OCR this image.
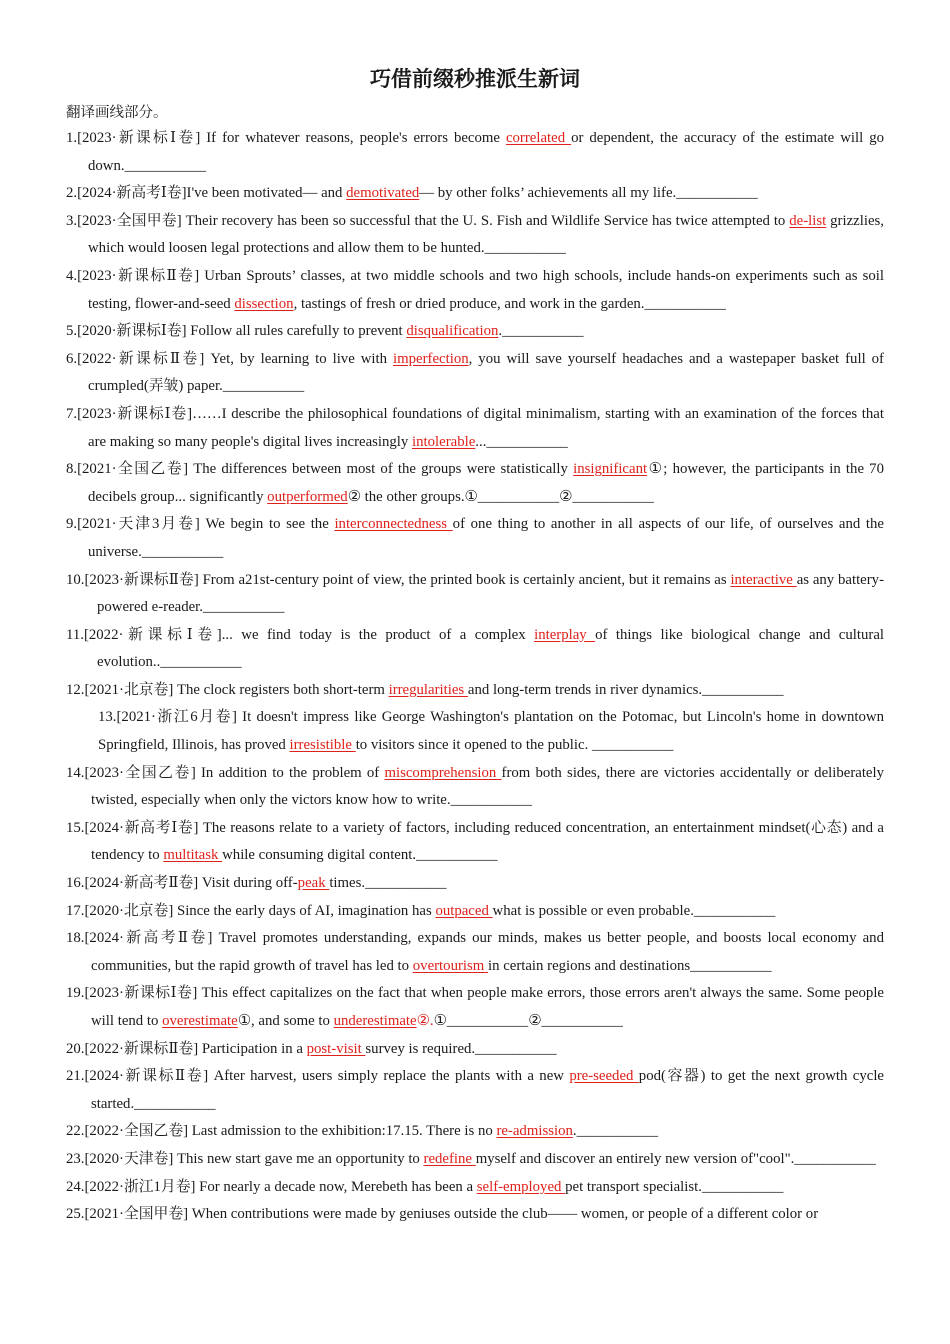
巧借前缀秒推派生新词
翻译画线部分。

1.[2023·新课标Ⅰ卷] If for whatever reasons, people's errors become correlated or dependent, the accuracy of the estimate will go down.___________

2.[2024·新高考Ⅰ卷]I've been motivated— and demotivated— by other folks’ achievements all my life.___________

3.[2023·全国甲卷] Their recovery has been so successful that the U. S. Fish and Wildlife Service has twice attempted to de-list grizzlies, which would loosen legal protections and allow them to be hunted.___________

4.[2023·新课标Ⅱ卷] Urban Sprouts’ classes, at two middle schools and two high schools, include hands-on experiments such as soil testing, flower-and-seed dissection, tastings of fresh or dried produce, and work in the garden.___________

5.[2020·新课标Ⅰ卷] Follow all rules carefully to prevent disqualification.___________

6.[2022·新课标Ⅱ卷] Yet, by learning to live with imperfection, you will save yourself headaches and a wastepaper basket full of crumpled(弄皱) paper.___________

7.[2023·新课标Ⅰ卷]……I describe the philosophical foundations of digital minimalism, starting with an examination of the forces that are making so many people's digital lives increasingly intolerable...___________

8.[2021·全国乙卷] The differences between most of the groups were statistically insignificant①; however, the participants in the 70 decibels group... significantly outperformed② the other groups.①___________②___________

9.[2021·天津3月卷] We begin to see the interconnectedness of one thing to another in all aspects of our life, of ourselves and the universe.___________

10.[2023·新课标Ⅱ卷] From a21st-century point of view, the printed book is certainly ancient, but it remains as interactive as any battery-powered e-reader.___________

11.[2022·新课标Ⅰ卷]... we find today is the product of a complex interplay of things like biological change and cultural evolution..___________

12.[2021·北京卷] The clock registers both short-term irregularities and long-term trends in river dynamics.___________

13.[2021·浙江6月卷] It doesn't impress like George Washington's plantation on the Potomac, but Lincoln's home in downtown Springfield, Illinois, has proved irresistible to visitors since it opened to the public. ___________

14.[2023·全国乙卷] In addition to the problem of miscomprehension from both sides, there are victories accidentally or deliberately twisted, especially when only the victors know how to write.___________

15.[2024·新高考Ⅰ卷] The reasons relate to a variety of factors, including reduced concentration, an entertainment mindset(心态) and a tendency to multitask while consuming digital content.___________

16.[2024·新高考Ⅱ卷] Visit during off-peak times.___________

17.[2020·北京卷] Since the early days of AI, imagination has outpaced what is possible or even probable.___________

18.[2024·新高考Ⅱ卷] Travel promotes understanding, expands our minds, makes us better people, and boosts local economy and communities, but the rapid growth of travel has led to overtourism in certain regions and destinations___________

19.[2023·新课标Ⅰ卷] This effect capitalizes on the fact that when people make errors, those errors aren't always the same. Some people will tend to overestimate①, and some to underestimate②.①___________②___________

20.[2022·新课标Ⅱ卷] Participation in a post-visit survey is required.___________

21.[2024·新课标Ⅱ卷] After harvest, users simply replace the plants with a new pre-seeded pod(容器) to get the next growth cycle started.___________

22.[2022·全国乙卷] Last admission to the exhibition:17.15. There is no re-admission.___________

23.[2020·天津卷] This new start gave me an opportunity to redefine myself and discover an entirely new version of"cool".___________

24.[2022·浙江1月卷] For nearly a decade now, Merebeth has been a self-employed pet transport specialist.___________

25.[2021·全国甲卷] When contributions were made by geniuses outside the club—— women, or people of a different color or
